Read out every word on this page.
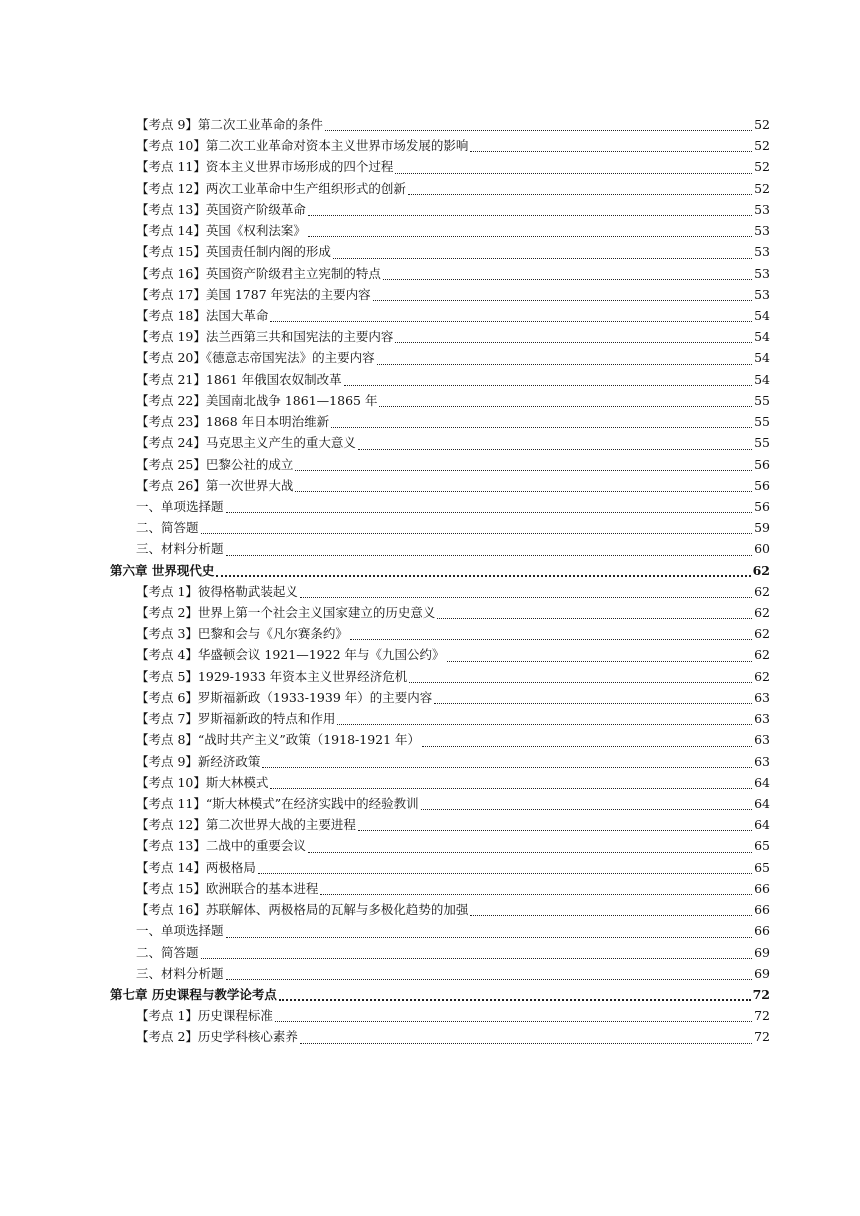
【考点 9】第二次工业革命的条件	52
【考点 10】第二次工业革命对资本主义世界市场发展的影响	52
【考点 11】资本主义世界市场形成的四个过程	52
【考点 12】两次工业革命中生产组织形式的创新	52
【考点 13】英国资产阶级革命	53
【考点 14】英国《权利法案》	53
【考点 15】英国责任制内阁的形成	53
【考点 16】英国资产阶级君主立宪制的特点	53
【考点 17】美国 1787 年宪法的主要内容	53
【考点 18】法国大革命	54
【考点 19】法兰西第三共和国宪法的主要内容	54
【考点 20】《德意志帝国宪法》的主要内容	54
【考点 21】1861 年俄国农奴制改革	54
【考点 22】美国南北战争 1861—1865 年	55
【考点 23】1868 年日本明治维新	55
【考点 24】马克思主义产生的重大意义	55
【考点 25】巴黎公社的成立	56
【考点 26】第一次世界大战	56
一、单项选择题	56
二、简答题	59
三、材料分析题	60
第六章 世界现代史	62
【考点 1】彼得格勒武装起义	62
【考点 2】世界上第一个社会主义国家建立的历史意义	62
【考点 3】巴黎和会与《凡尔赛条约》	62
【考点 4】华盛顿会议 1921—1922 年与《九国公约》	62
【考点 5】1929-1933 年资本主义世界经济危机	62
【考点 6】罗斯福新政（1933-1939 年）的主要内容	63
【考点 7】罗斯福新政的特点和作用	63
【考点 8】“战时共产主义”政策（1918-1921 年）	63
【考点 9】新经济政策	63
【考点 10】斯大林模式	64
【考点 11】“斯大林模式”在经济实践中的经验教训	64
【考点 12】第二次世界大战的主要进程	64
【考点 13】二战中的重要会议	65
【考点 14】两极格局	65
【考点 15】欧洲联合的基本进程	66
【考点 16】苏联解体、两极格局的瓦解与多极化趋势的加强	66
一、单项选择题	66
二、简答题	69
三、材料分析题	69
第七章 历史课程与教学论考点	72
【考点 1】历史课程标准	72
【考点 2】历史学科核心素养	72
